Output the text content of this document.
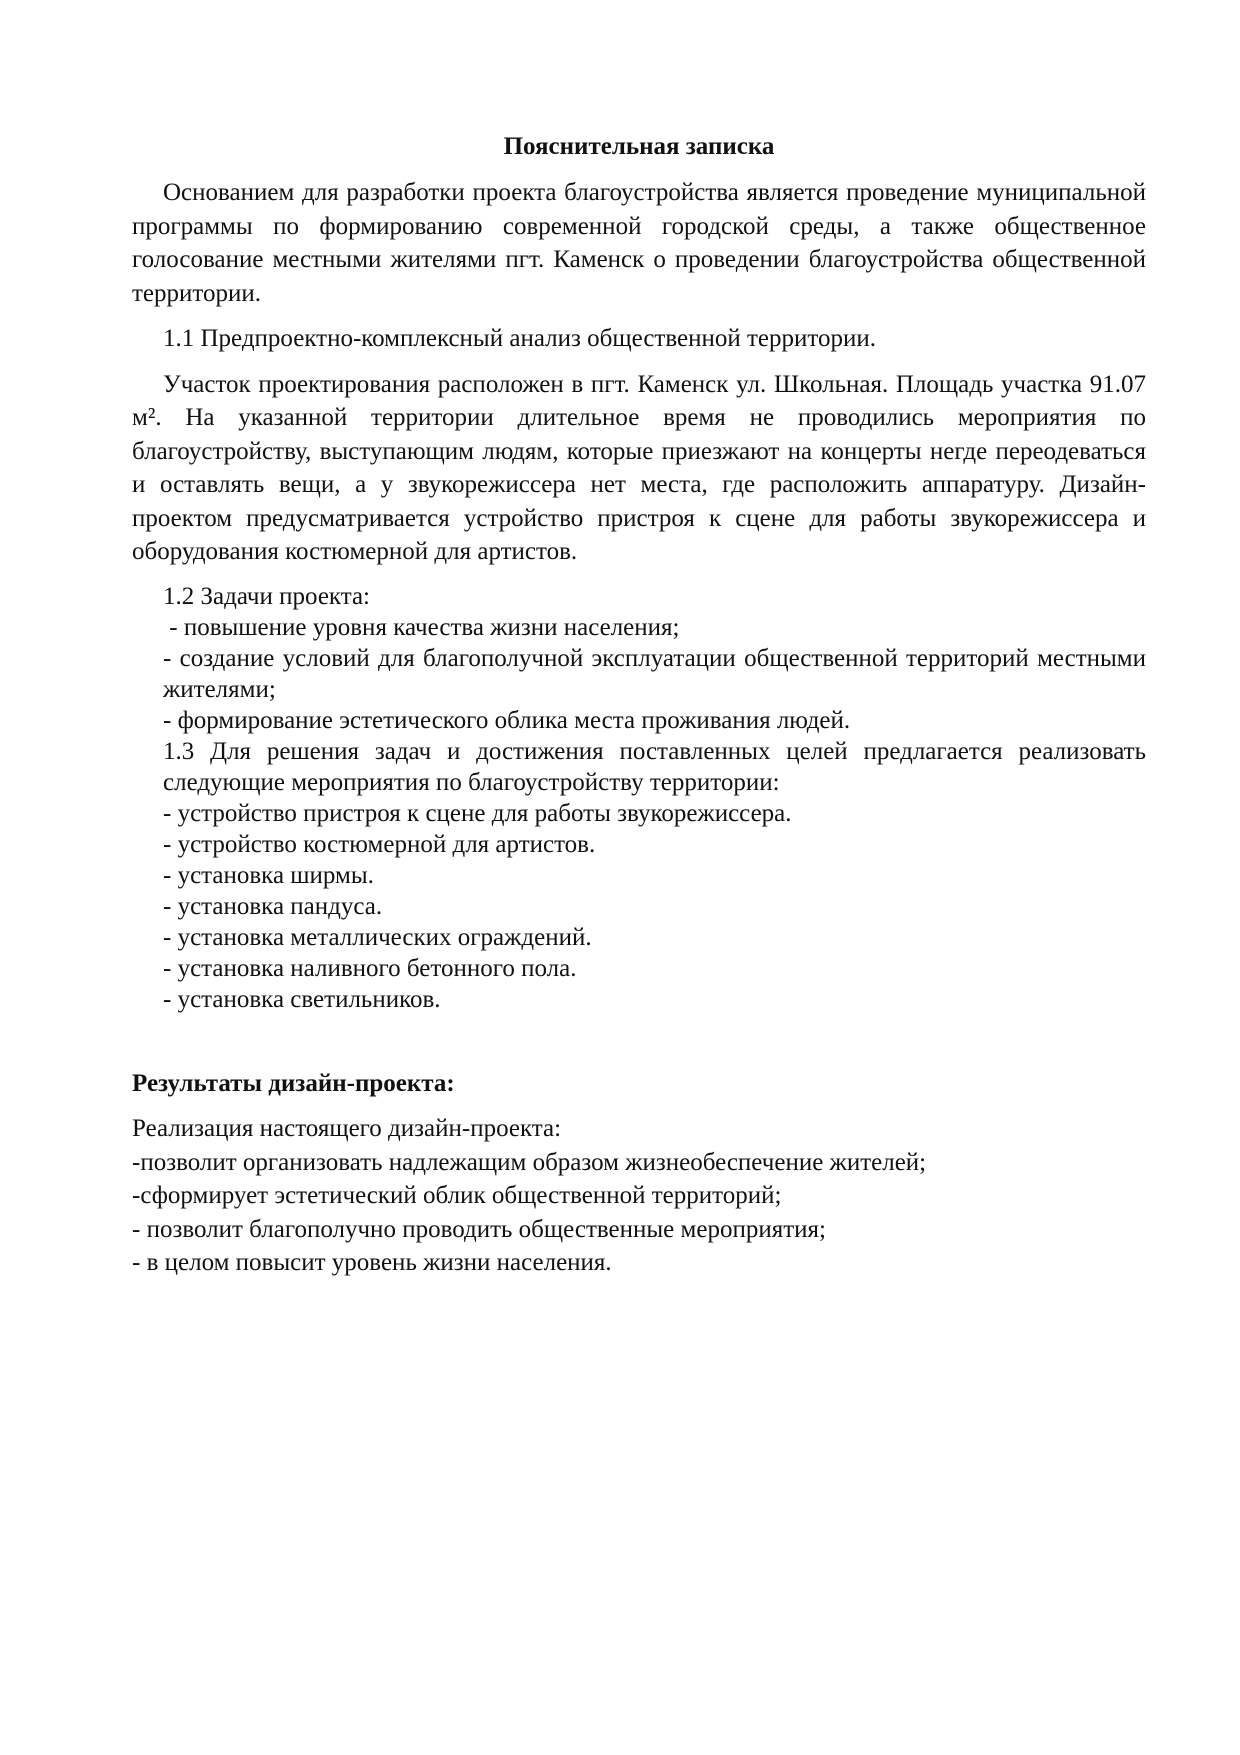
Пояснительная записка

Основанием для разработки проекта благоустройства является проведение муниципальной программы по формированию современной городской среды, а также общественное голосование местными жителями пгт. Каменск о проведении благоустройства общественной территории.

1.1 Предпроектно-комплексный анализ общественной территории.

Участок проектирования расположен в пгт. Каменск ул. Школьная. Площадь участка 91.07 м². На указанной территории длительное время не проводились мероприятия по благоустройству, выступающим людям, которые приезжают на концерты негде переодеваться и оставлять вещи, а у звукорежиссера нет места, где расположить аппаратуру. Дизайн-проектом предусматривается устройство пристроя к сцене для работы звукорежиссера и оборудования костюмерной для артистов.

1.2 Задачи проекта:

- повышение уровня качества жизни населения;

- создание условий для благополучной эксплуатации общественной территорий местными жителями;

- формирование эстетического облика места проживания людей.

1.3 Для решения задач и достижения поставленных целей предлагается реализовать следующие мероприятия по благоустройству территории:

- устройство пристроя к сцене для работы звукорежиссера.

- устройство костюмерной для артистов.

- установка ширмы.

- установка пандуса.

- установка металлических ограждений.

- установка наливного бетонного пола.

- установка светильников.

Результаты дизайн-проекта:

Реализация настоящего дизайн-проекта:

-позволит организовать надлежащим образом жизнеобеспечение жителей;

-сформирует эстетический облик общественной территорий;

- позволит благополучно проводить общественные мероприятия;

- в целом повысит уровень жизни населения.
